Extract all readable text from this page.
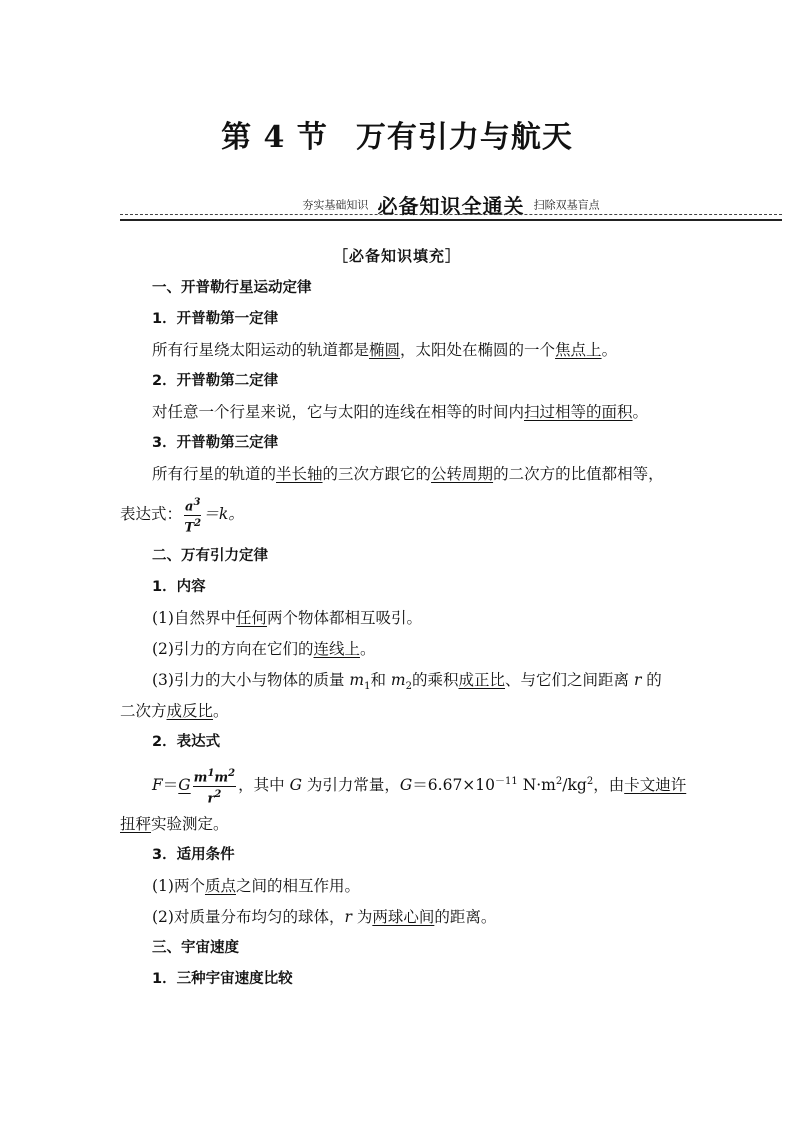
第 4 节 万有引力与航天
夯实基础知识 必备知识全通关 扫除双基盲点
［必备知识填充］
一、开普勒行星运动定律
1．开普勒第一定律
所有行星绕太阳运动的轨道都是椭圆，太阳处在椭圆的一个焦点上。
2．开普勒第二定律
对任意一个行星来说，它与太阳的连线在相等的时间内扫过相等的面积。
3．开普勒第三定律
所有行星的轨道的半长轴的三次方跟它的公转周期的二次方的比值都相等，
表达式： $\frac{a^3}{T^2} =k$。
二、万有引力定律
1．内容
(1)自然界中任何两个物体都相互吸引。
(2)引力的方向在它们的连线上。
(3)引力的大小与物体的质量 $m_1$和 $m_2$的乘积成正比、与它们之间距离 r 的
二次方成反比。
2．表达式
$F=G \frac{m^1m^2}{r^2}$ ，其中 G 为引力常量，$G=6.67\times 10^{-11}$ $N\cdot m^2/kg^2$，由卡文迪许
扭秤实验测定。
3．适用条件
(1)两个质点之间的相互作用。
(2)对质量分布均匀的球体，r 为两球心间的距离。
三、宇宙速度
1．三种宇宙速度比较
